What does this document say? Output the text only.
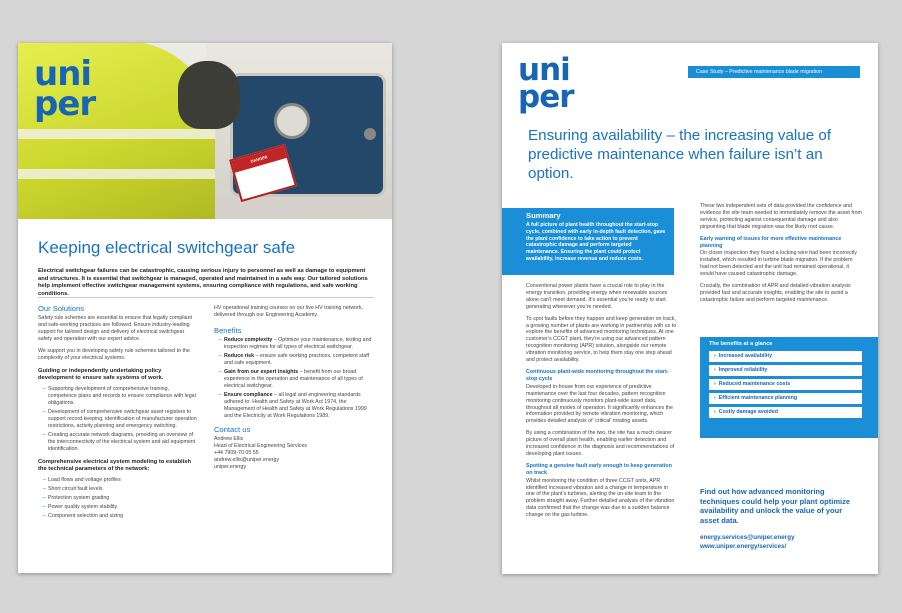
DANGER
uni
per
Keeping electrical switchgear safe
Electrical switchgear failures can be catastrophic, causing serious injury to personnel as well as damage to equipment and structures. It is essential that switchgear is managed, operated and maintained in a safe way. Our tailored solutions help implement effective switchgear management systems, ensuring compliance with regulations, and safe working conditions.
Our Solutions

Safety rule schemes are essential to ensure that legally compliant and safe-working practices are followed. Ensure industry-leading support for tailored design and delivery of electrical switchgear safety and operation with our expert advice.

We support you in developing safety rule schemes tailored to the complexity of your electrical systems.

Guiding or independently undertaking policy development to ensure safe systems of work.
– Supporting development of comprehensive training, competence plans and records to ensure compliance with legal obligations.
– Development of comprehensive switchgear asset registers to support record keeping, identification of manufacturer operation restrictions, activity planning and emergency switching.
– Creating accurate network diagrams, providing an overview of the interconnectivity of the electrical system and aid equipment identification.
Comprehensive electrical system modeling to establish the technical parameters of the network:
– Load flows and voltage profiles
– Short circuit fault levels
– Protection system grading
– Power quality system stability
– Component selection and sizing

HV operational training courses on our live HV training network, delivered through our Engineering Academy.

Benefits
– Reduce complexity – Optimize your maintenance, testing and inspection regimes for all types of electrical switchgear.
– Reduce risk – ensure safe working practices, competent staff and safe equipment.
– Gain from our expert insights – benefit from our broad experience in the operation and maintenance of all types of electrical switchgear.
– Ensure compliance – all legal and engineering standards adhered to: Health and Safety at Work Act 1974, the Management of Health and Safety at Work Regulations 1999 and the Electricity at Work Regulations 1989.
Contact us
Andrew Ellis
Head of Electrical Engineering Services
+44 7909-70 05 55
andrew.ellis@uniper.energy
uniper.energy
uni
per
Case Study – Predictive maintenance blade migration
Ensuring availability – the increasing value of predictive maintenance when failure isn’t an option.
Summary
A full picture of plant health throughout the start-stop cycle, combined with early in-depth fault detection, gave the plant confidence to take action to prevent catastrophic damage and perform targeted maintenance. Ensuring the plant could protect availability, increase revenue and reduce costs.

Conventional power plants have a crucial role to play in the energy transition, providing energy when renewable sources alone can’t meet demand. It’s essential you’re ready to start generating whenever you’re needed.

To spot faults before they happen and keep generation on track, a growing number of plants are working in partnership with us to explore the benefits of advanced monitoring techniques. At one customer’s CCGT plant, they’re using our advanced pattern recognition monitoring (APR) solution, alongside our remote vibration monitoring service, to help them stay one step ahead and protect availability.

Continuous plant-wide monitoring throughout the start-stop cycle

Developed in-house from our experience of predictive maintenance over the last four decades, pattern recognition monitoring continuously monitors plant-wide asset data, throughout all modes of operation. It significantly enhances the information provided by remote vibration monitoring, which provides detailed analysis of ‘critical’ rotating assets.

By using a combination of the two, the site has a much clearer picture of overall plant health, enabling earlier detection and increased confidence in the diagnosis and recommendations of developing plant issues.

Spotting a genuine fault early enough to keep generation on track

Whilst monitoring the condition of three CCGT units, APR identified increased vibration and a change in temperature in one of the plant’s turbines, alerting the on-site team to the problem straight away. Further detailed analysis of the vibration data confirmed that the change was due to a sudden balance change on the gas turbine.

These two independent sets of data provided the confidence and evidence the site team needed to immediately remove the asset from service, protecting against consequential damage and also pinpointing that blade migration was the likely root cause.

Early warning of issues for more effective maintenance planning

On closer inspection they found a locking wire had been incorrectly installed, which resulted in turbine blade migration. If the problem had not been detected and the unit had remained operational, it would have caused catastrophic damage.

Crucially, the combination of APR and detailed vibration analysis provided fast and accurate insights, enabling the site to avoid a catastrophic failure and perform targeted maintenance.

The benefits at a glance
› Increased availability
› Improved reliability
› Reduced maintenance costs
› Efficient maintenance planning
› Costly damage avoided
Find out how advanced monitoring techniques could help your plant optimize availability and unlock the value of your asset data.
energy.services@uniper.energy
www.uniper.energy/services/
